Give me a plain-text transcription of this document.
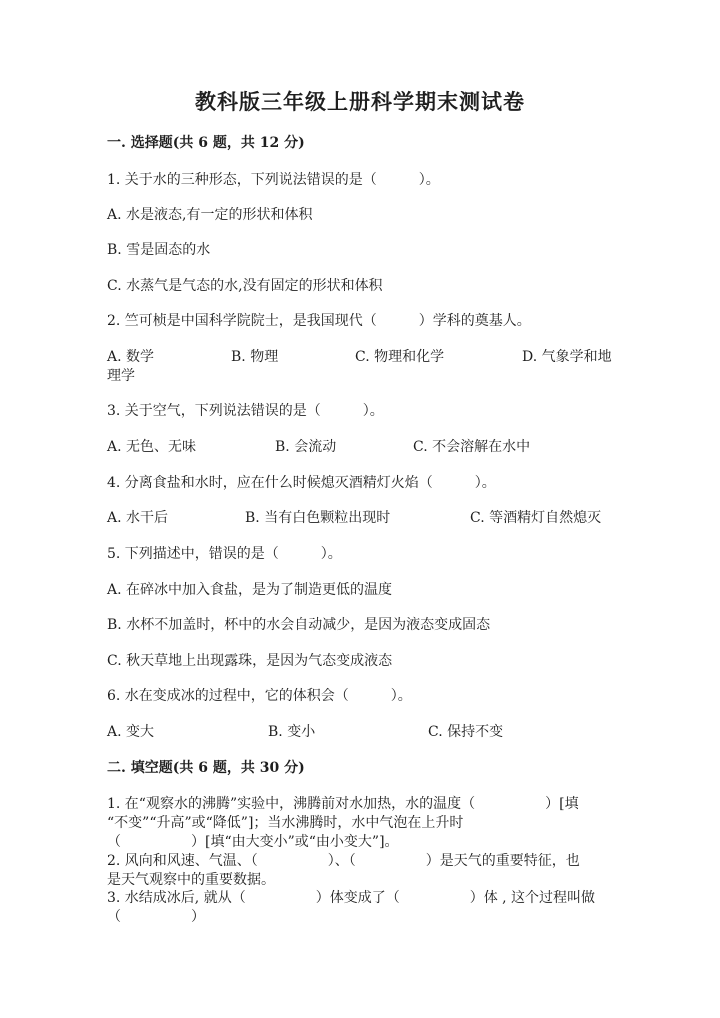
教科版三年级上册科学期末测试卷
一. 选择题(共 6 题，共 12 分)
1. 关于水的三种形态，下列说法错误的是（　　　）。
A. 水是液态,有一定的形状和体积
B. 雪是固态的水
C. 水蒸气是气态的水,没有固定的形状和体积
2. 竺可桢是中国科学院院士，是我国现代（　　　）学科的奠基人。
A. 数学	B. 物理	C. 物理和化学	D. 气象学和地
理学
3. 关于空气，下列说法错误的是（　　　）。
A. 无色、无味	B. 会流动	C. 不会溶解在水中
4. 分离食盐和水时，应在什么时候熄灭酒精灯火焰（　　　）。
A. 水干后	B. 当有白色颗粒出现时	C. 等酒精灯自然熄灭
5. 下列描述中，错误的是（　　　）。
A. 在碎冰中加入食盐，是为了制造更低的温度
B. 水杯不加盖时，杯中的水会自动减少，是因为液态变成固态
C. 秋天草地上出现露珠，是因为气态变成液态
6. 水在变成冰的过程中，它的体积会（　　　）。
A. 变大	B. 变小	C. 保持不变
二. 填空题(共 6 题，共 30 分)
1. 在“观察水的沸腾”实验中，沸腾前对水加热，水的温度（　　　　　）[填
“不变”“升高”或“降低”]；当水沸腾时，水中气泡在上升时
（　　　　　）[填“由大变小”或“由小变大”]。
2. 风向和风速、气温、（　　　　　）、（　　　　　）是天气的重要特征，也
是天气观察中的重要数据。
3. 水结成冰后, 就从（　　　　　）体变成了（　　　　　）体 , 这个过程叫做
（　　　　　）
